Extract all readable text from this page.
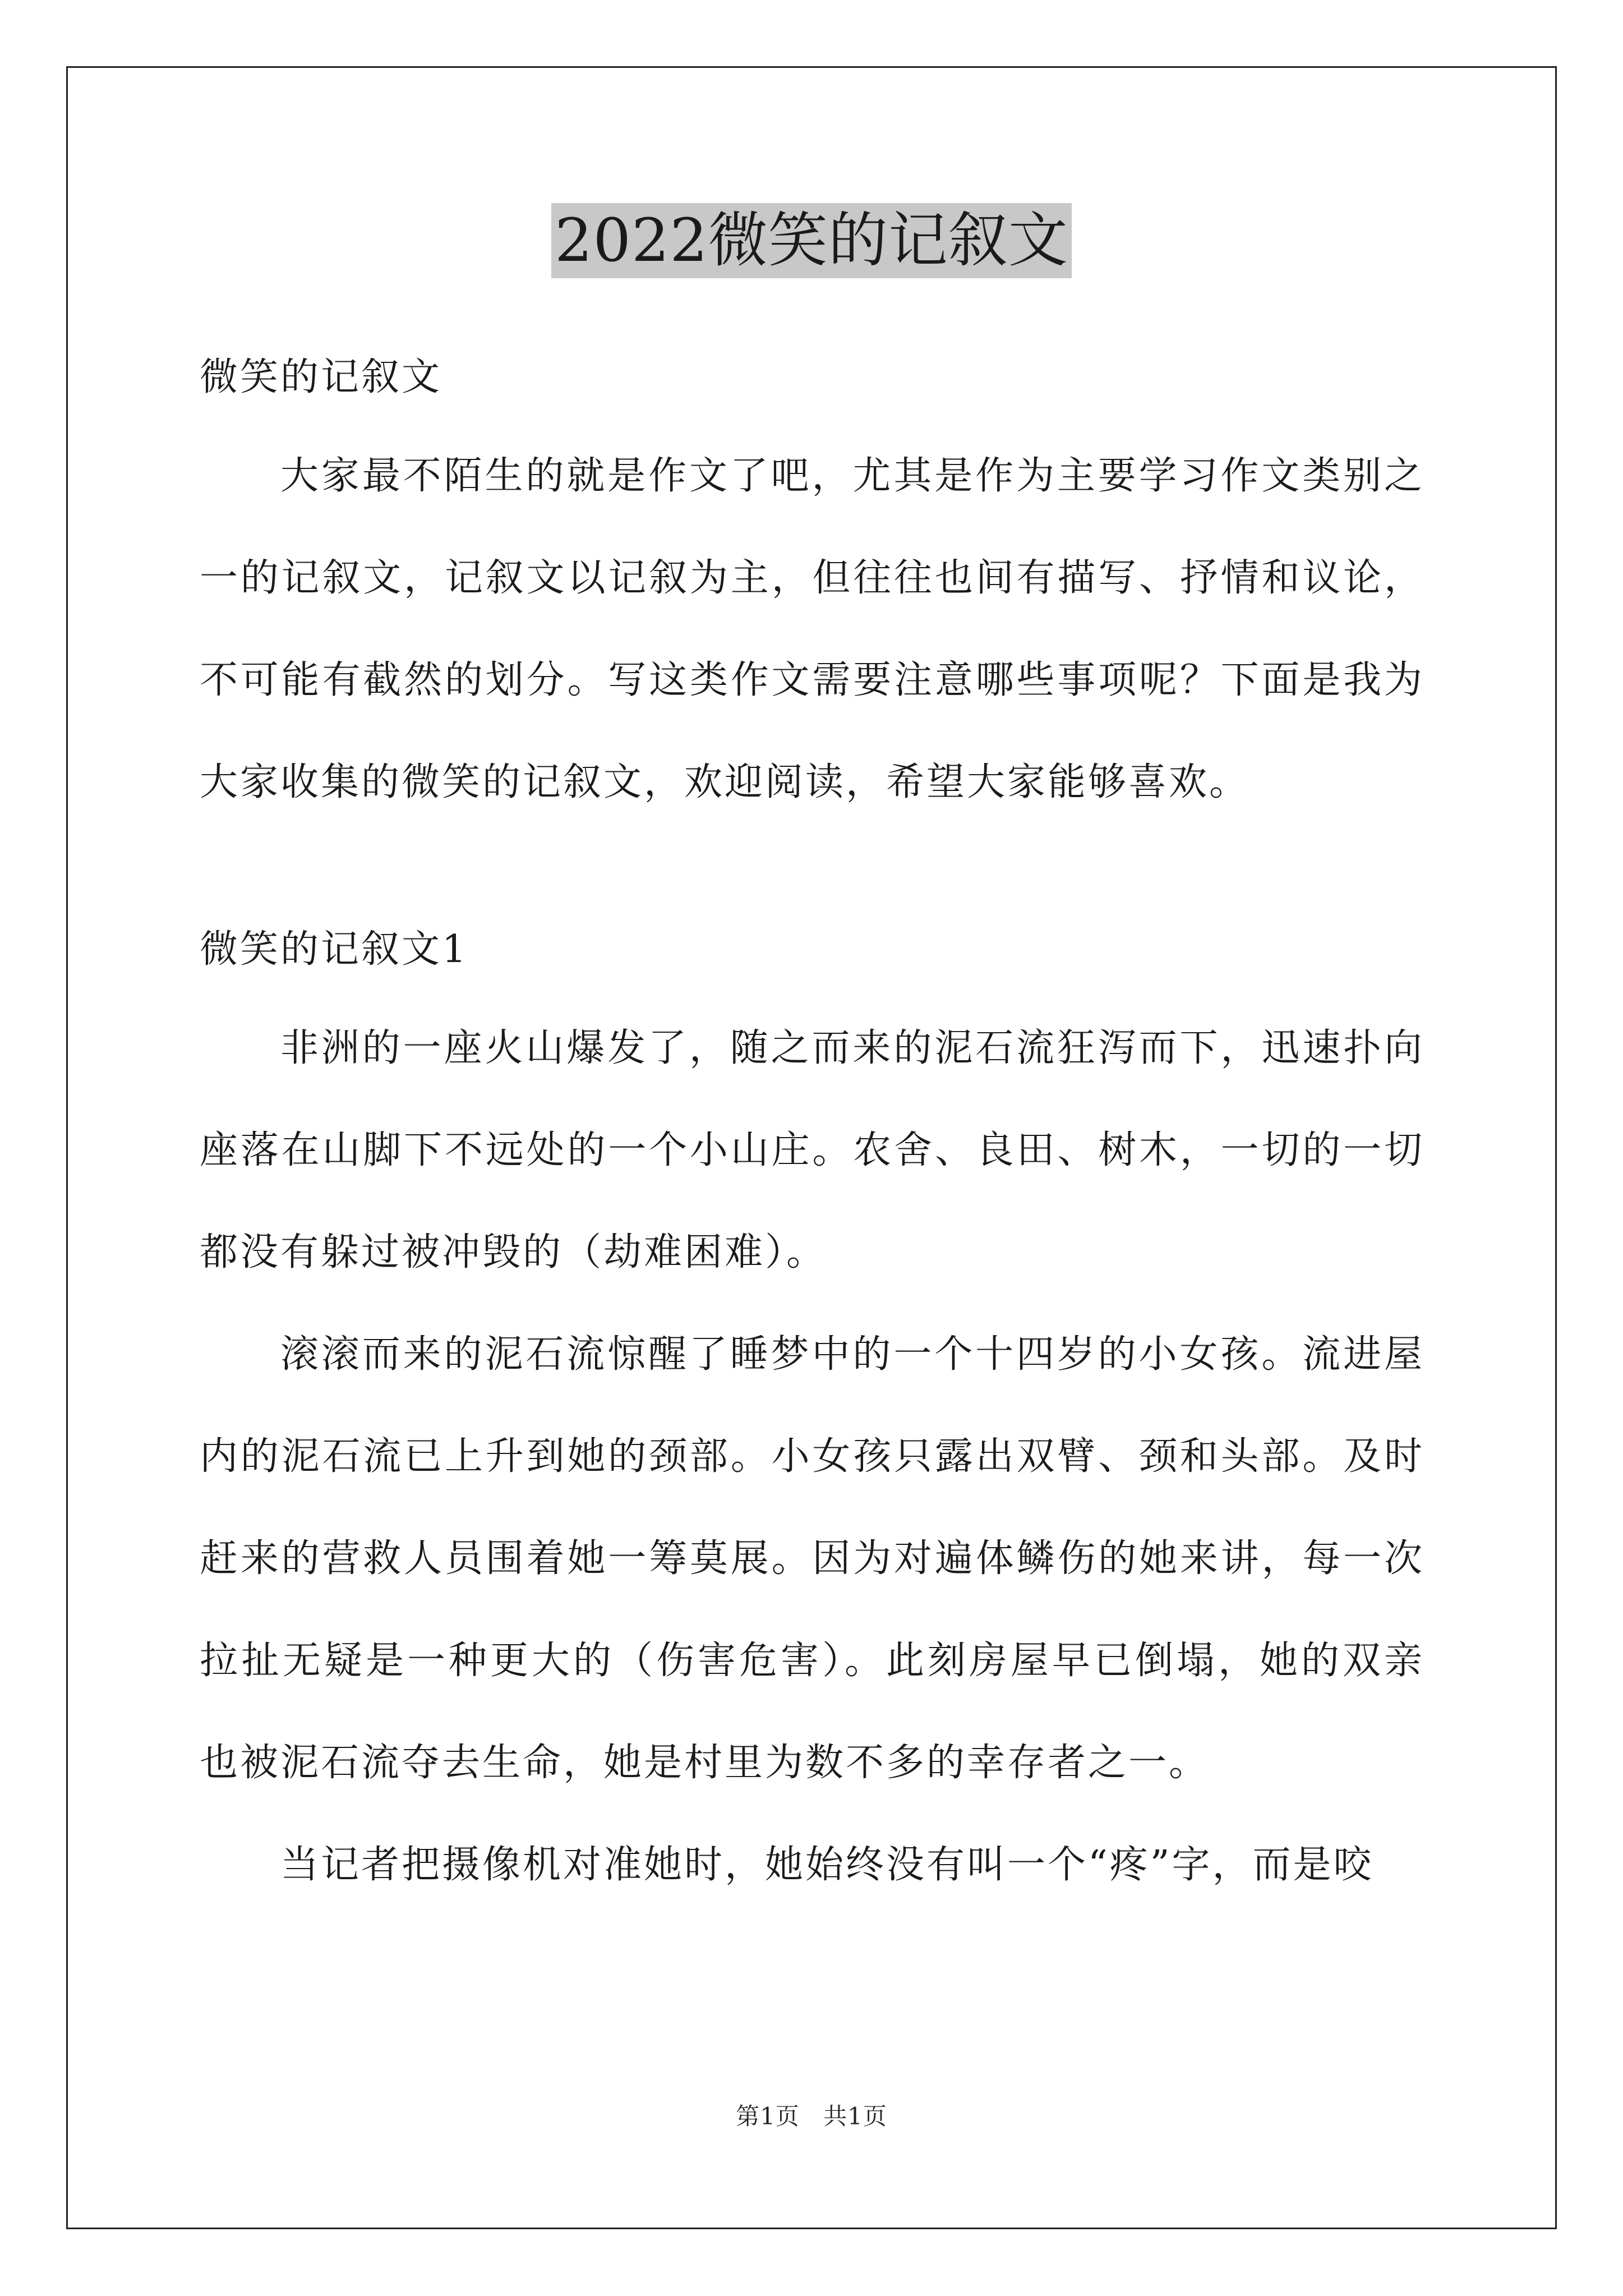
2022微笑的记叙文
微笑的记叙文
大家最不陌生的就是作文了吧，尤其是作为主要学习作文类别之一的记叙文，记叙文以记叙为主，但往往也间有描写、抒情和议论，不可能有截然的划分。写这类作文需要注意哪些事项呢？下面是我为大家收集的微笑的记叙文，欢迎阅读，希望大家能够喜欢。
微笑的记叙文1
非洲的一座火山爆发了，随之而来的泥石流狂泻而下，迅速扑向座落在山脚下不远处的一个小山庄。农舍、良田、树木，一切的一切都没有躲过被冲毁的（劫难困难）。
滚滚而来的泥石流惊醒了睡梦中的一个十四岁的小女孩。流进屋内的泥石流已上升到她的颈部。小女孩只露出双臂、颈和头部。及时赶来的营救人员围着她一筹莫展。因为对遍体鳞伤的她来讲，每一次拉扯无疑是一种更大的（伤害危害）。此刻房屋早已倒塌，她的双亲也被泥石流夺去生命，她是村里为数不多的幸存者之一。
当记者把摄像机对准她时，她始终没有叫一个“疼”字，而是咬
第1页 共1页
